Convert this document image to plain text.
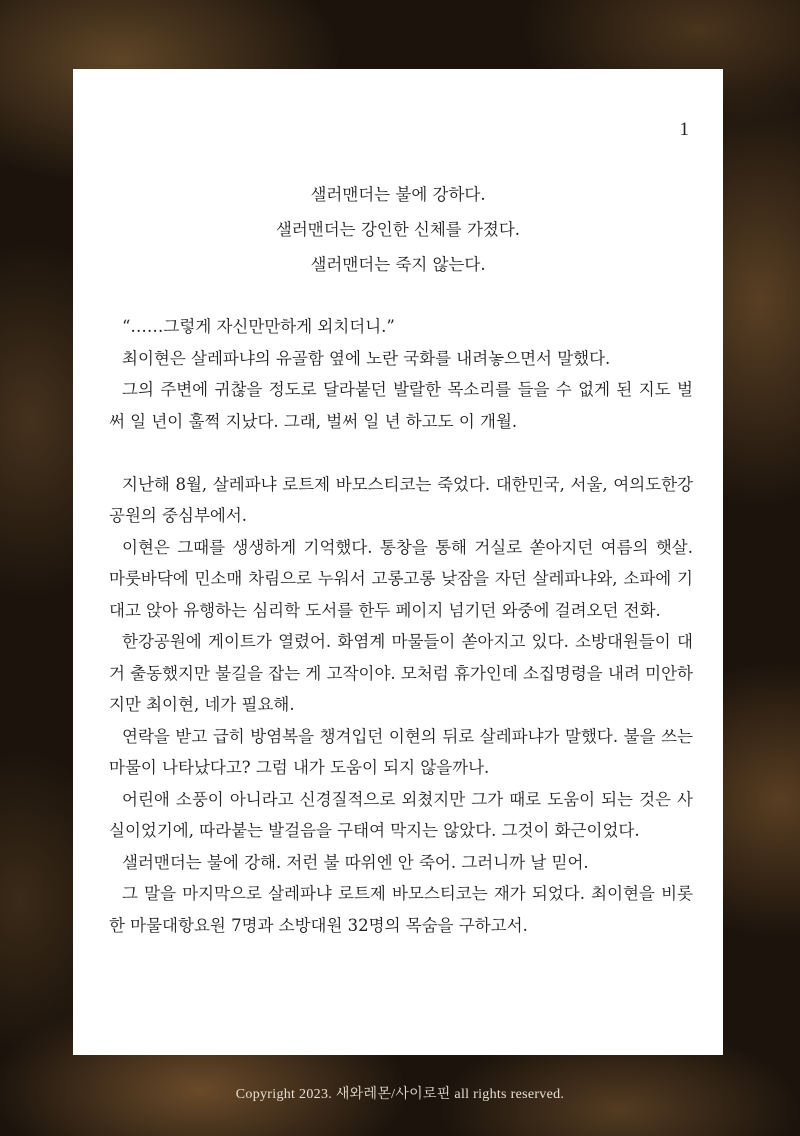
1
샐러맨더는 불에 강하다.
샐러맨더는 강인한 신체를 가졌다.
샐러맨더는 죽지 않는다.

“……그렇게 자신만만하게 외치더니.”

최이현은 살레파냐의 유골함 옆에 노란 국화를 내려놓으면서 말했다.

그의 주변에 귀찮을 정도로 달라붙던 발랄한 목소리를 들을 수 없게 된 지도 벌써 일 년이 훌쩍 지났다. 그래, 벌써 일 년 하고도 이 개월.

지난해 8월, 살레파냐 로트제 바모스티코는 죽었다. 대한민국, 서울, 여의도한강공원의 중심부에서.

이현은 그때를 생생하게 기억했다. 통창을 통해 거실로 쏟아지던 여름의 햇살. 마룻바닥에 민소매 차림으로 누워서 고롱고롱 낮잠을 자던 살레파냐와, 소파에 기대고 앉아 유행하는 심리학 도서를 한두 페이지 넘기던 와중에 걸려오던 전화.

한강공원에 게이트가 열렸어. 화염계 마물들이 쏟아지고 있다. 소방대원들이 대거 출동했지만 불길을 잡는 게 고작이야. 모처럼 휴가인데 소집명령을 내려 미안하지만 최이현, 네가 필요해.

연락을 받고 급히 방염복을 챙겨입던 이현의 뒤로 살레파냐가 말했다. 불을 쓰는 마물이 나타났다고? 그럼 내가 도움이 되지 않을까나.

어린애 소풍이 아니라고 신경질적으로 외쳤지만 그가 때로 도움이 되는 것은 사실이었기에, 따라붙는 발걸음을 구태여 막지는 않았다. 그것이 화근이었다.

샐러맨더는 불에 강해. 저런 불 따위엔 안 죽어. 그러니까 날 믿어.

그 말을 마지막으로 살레파냐 로트제 바모스티코는 재가 되었다. 최이현을 비롯한 마물대항요원 7명과 소방대원 32명의 목숨을 구하고서.

Copyright 2023. 새와레몬/사이로핀 all rights reserved.
